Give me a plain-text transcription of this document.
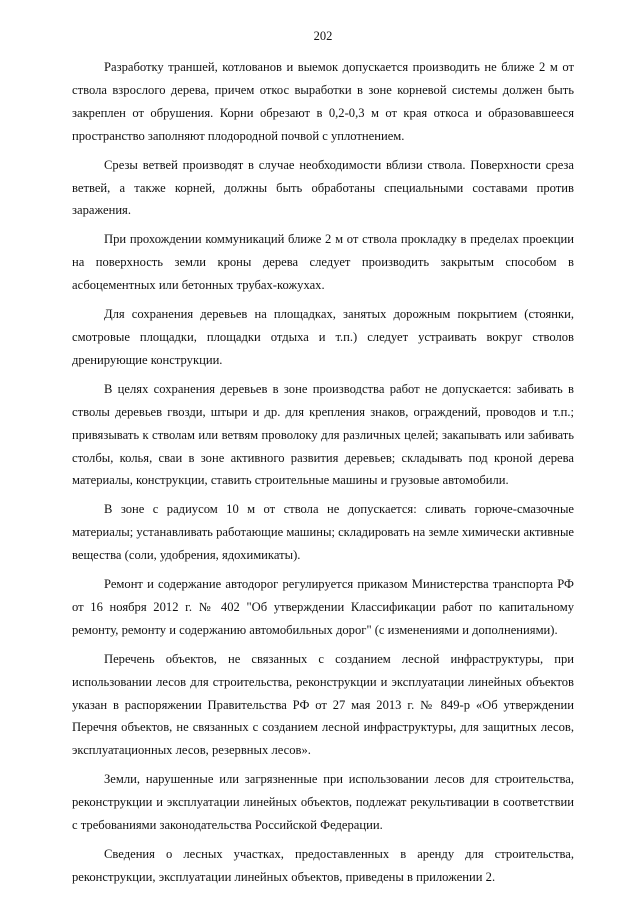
202

Разработку траншей, котлованов и выемок допускается производить не ближе 2 м от ствола взрослого дерева, причем откос выработки в зоне корневой системы должен быть закреплен от обрушения. Корни обрезают в 0,2-0,3 м от края откоса и образовавшееся пространство заполняют плодородной почвой с уплотнением.

Срезы ветвей производят в случае необходимости вблизи ствола. Поверхности среза ветвей, а также корней, должны быть обработаны специальными составами против заражения.

При прохождении коммуникаций ближе 2 м от ствола прокладку в пределах проекции на поверхность земли кроны дерева следует производить закрытым способом в асбоцементных или бетонных трубах-кожухах.

Для сохранения деревьев на площадках, занятых дорожным покрытием (стоянки, смотровые площадки, площадки отдыха и т.п.) следует устраивать вокруг стволов дренирующие конструкции.

В целях сохранения деревьев в зоне производства работ не допускается: забивать в стволы деревьев гвозди, штыри и др. для крепления знаков, ограждений, проводов и т.п.; привязывать к стволам или ветвям проволоку для различных целей; закапывать или забивать столбы, колья, сваи в зоне активного развития деревьев; складывать под кроной дерева материалы, конструкции, ставить строительные машины и грузовые автомобили.

В зоне с радиусом 10 м от ствола не допускается: сливать горюче-смазочные материалы; устанавливать работающие машины; складировать на земле химически активные вещества (соли, удобрения, ядохимикаты).

Ремонт и содержание автодорог регулируется приказом Министерства транспорта РФ от 16 ноября 2012 г. № 402 "Об утверждении Классификации работ по капитальному ремонту, ремонту и содержанию автомобильных дорог" (с изменениями и дополнениями).

Перечень объектов, не связанных с созданием лесной инфраструктуры, при использовании лесов для строительства, реконструкции и эксплуатации линейных объектов указан в распоряжении Правительства РФ от 27 мая 2013 г. № 849-р «Об утверждении Перечня объектов, не связанных с созданием лесной инфраструктуры, для защитных лесов, эксплуатационных лесов, резервных лесов».

Земли, нарушенные или загрязненные при использовании лесов для строительства, реконструкции и эксплуатации линейных объектов, подлежат рекультивации в соответствии с требованиями законодательства Российской Федерации.

Сведения о лесных участках, предоставленных в аренду для строительства, реконструкции, эксплуатации линейных объектов, приведены в приложении 2.
